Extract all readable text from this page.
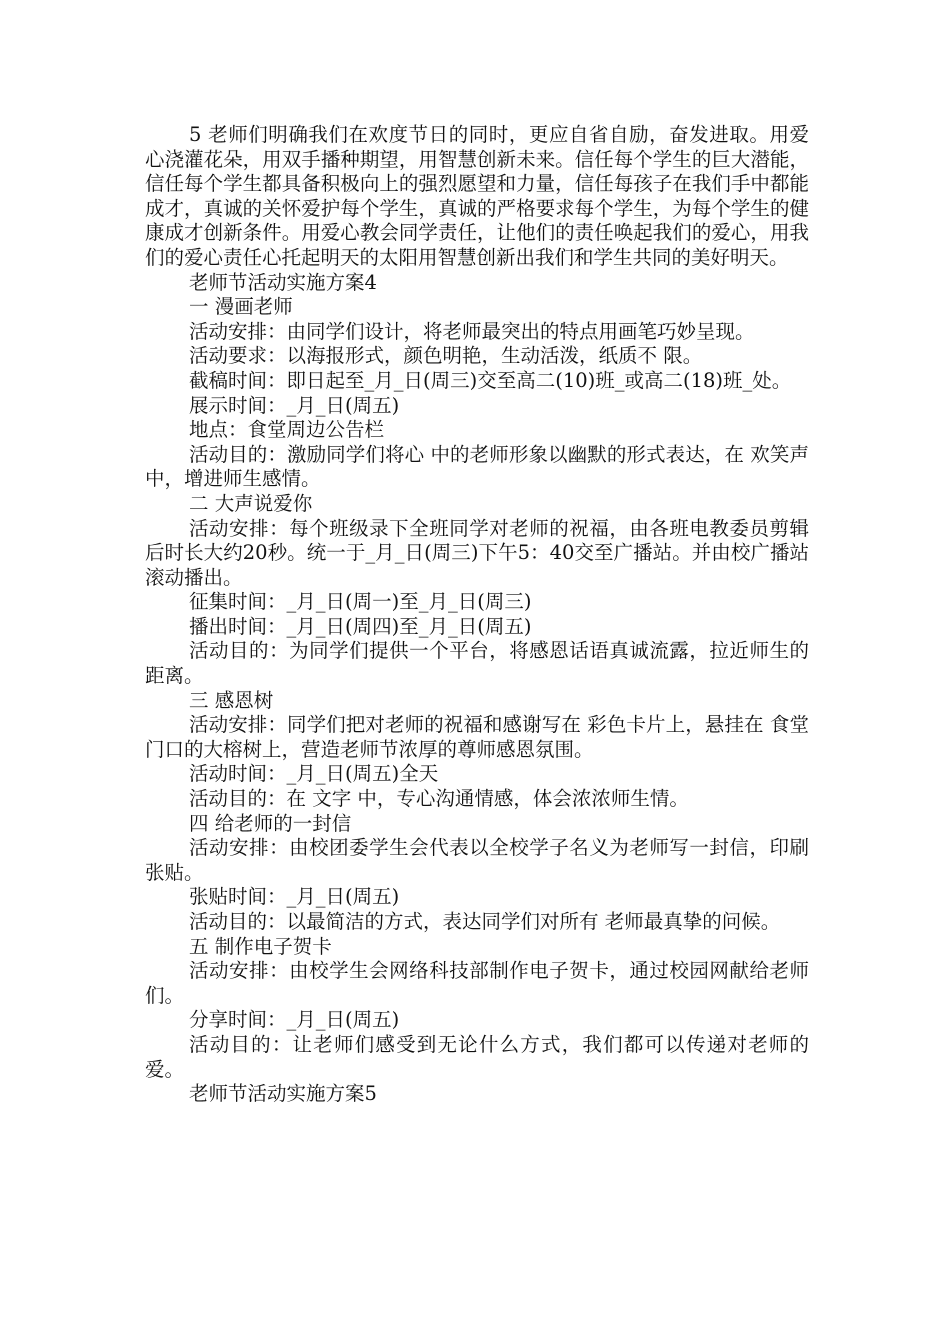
5 老师们明确我们在欢度节日的同时，更应自省自励，奋发进取。用爱心浇灌花朵，用双手播种期望，用智慧创新未来。信任每个学生的巨大潜能，信任每个学生都具备积极向上的强烈愿望和力量，信任每孩子在我们手中都能成才，真诚的关怀爱护每个学生，真诚的严格要求每个学生，为每个学生的健康成才创新条件。用爱心教会同学责任，让他们的责任唤起我们的爱心，用我们的爱心责任心托起明天的太阳用智慧创新出我们和学生共同的美好明天。

老师节活动实施方案4

一 漫画老师

活动安排：由同学们设计，将老师最突出的特点用画笔巧妙呈现。

活动要求：以海报形式，颜色明艳，生动活泼，纸质不 限。

截稿时间：即日起至_月_日(周三)交至高二(10)班_或高二(18)班_处。

展示时间：_月_日(周五)

地点：食堂周边公告栏

活动目的：激励同学们将心 中的老师形象以幽默的形式表达，在 欢笑声 中，增进师生感情。

二 大声说爱你

活动安排：每个班级录下全班同学对老师的祝福，由各班电教委员剪辑后时长大约20秒。统一于_月_日(周三)下午5：40交至广播站。并由校广播站滚动播出。

征集时间：_月_日(周一)至_月_日(周三)

播出时间：_月_日(周四)至_月_日(周五)

活动目的：为同学们提供一个平台，将感恩话语真诚流露，拉近师生的距离。

三 感恩树

活动安排：同学们把对老师的祝福和感谢写在 彩色卡片上，悬挂在 食堂门口的大榕树上，营造老师节浓厚的尊师感恩氛围。

活动时间：_月_日(周五)全天

活动目的：在 文字 中，专心沟通情感，体会浓浓师生情。

四 给老师的一封信

活动安排：由校团委学生会代表以全校学子名义为老师写一封信，印刷张贴。

张贴时间：_月_日(周五)

活动目的：以最简洁的方式，表达同学们对所有 老师最真挚的问候。

五 制作电子贺卡

活动安排：由校学生会网络科技部制作电子贺卡，通过校园网献给老师们。

分享时间：_月_日(周五)

活动目的：让老师们感受到无论什么方式，我们都可以传递对老师的爱。

老师节活动实施方案5
